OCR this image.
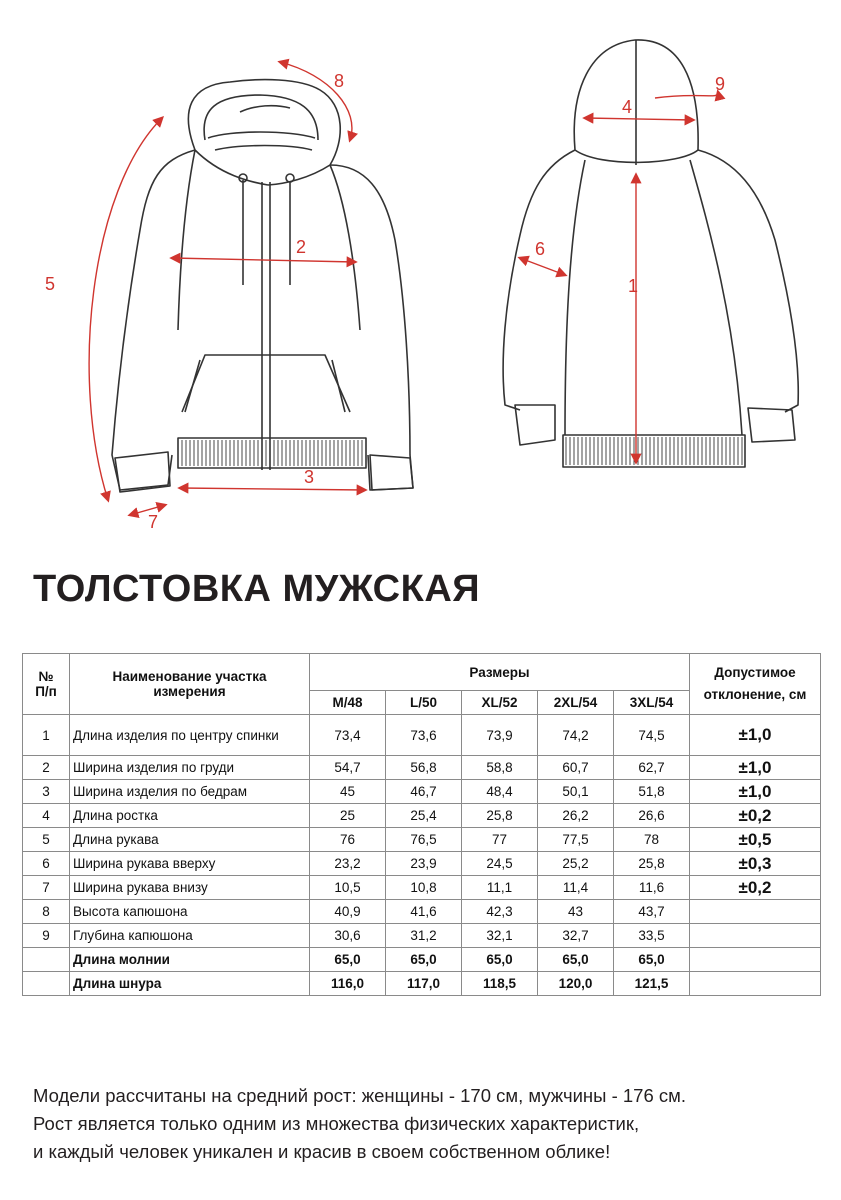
1
2
3
4
5
6
7
8	9
ТОЛСТОВКА МУЖСКАЯ
№
П/п	Наименование участка
измерения	Размеры					Допустимое
отклонение, см
		M/48	L/50	XL/52	2XL/54	3XL/54	
1	Длина изделия по центру спинки	73,4	73,6	73,9	74,2	74,5	±1,0
2	Ширина изделия по груди	54,7	56,8	58,8	60,7	62,7	±1,0
3	Ширина изделия по бедрам	45	46,7	48,4	50,1	51,8	±1,0
4	Длина ростка	25	25,4	25,8	26,2	26,6	±0,2
5	Длина рукава	76	76,5	77	77,5	78	±0,5
6	Ширина рукава вверху	23,2	23,9	24,5	25,2	25,8	±0,3
7	Ширина рукава внизу	10,5	10,8	11,1	11,4	11,6	±0,2
8	Высота капюшона	40,9	41,6	42,3	43	43,7	
9	Глубина капюшона	30,6	31,2	32,1	32,7	33,5	
	Длина молнии	65,0	65,0	65,0	65,0	65,0	
	Длина шнура	116,0	117,0	118,5	120,0	121,5	
Модели рассчитаны на средний рост: женщины - 170 см, мужчины - 176 см.
Рост является только одним из множества физических характеристик,
и каждый человек уникален и красив в своем собственном облике!
